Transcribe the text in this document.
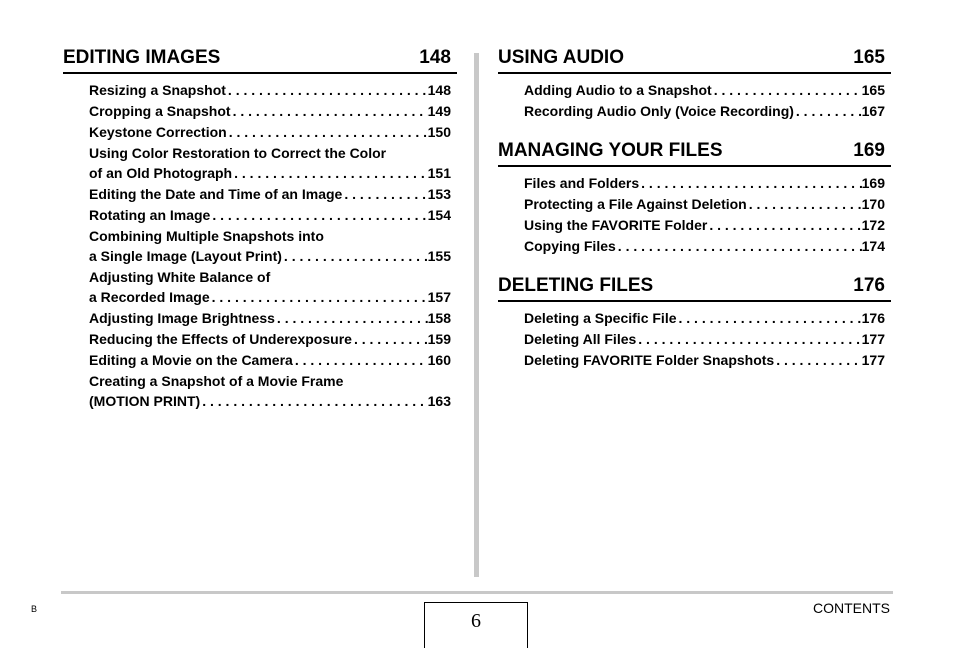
EDITING IMAGES	148
Resizing a Snapshot . . .	148
Cropping a Snapshot . . .	149
Keystone Correction . . .	150
Using Color Restoration to Correct the Color
of an Old Photograph . . .	151
Editing the Date and Time of an Image . . .	153
Rotating an Image . . .	154
Combining Multiple Snapshots into
a Single Image (Layout Print) . . .	155
Adjusting White Balance of
a Recorded Image . . .	157
Adjusting Image Brightness . . .	158
Reducing the Effects of Underexposure . . .	159
Editing a Movie on the Camera . . .	160
Creating a Snapshot of a Movie Frame
(MOTION PRINT) . . .	163
USING AUDIO	165
Adding Audio to a Snapshot . . .	165
Recording Audio Only (Voice Recording) . . .	167
MANAGING YOUR FILES	169
Files and Folders . . .	169
Protecting a File Against Deletion . . .	170
Using the FAVORITE Folder . . .	172
Copying Files . . .	174
DELETING FILES	176
Deleting a Specific File . . .	176
Deleting All Files . . .	177
Deleting FAVORITE Folder Snapshots . . .	177
B
6
CONTENTS
